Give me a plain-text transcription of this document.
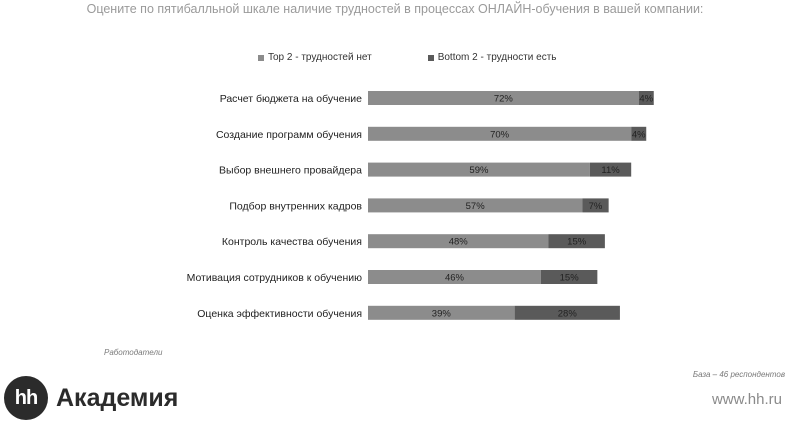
Оцените по пятибалльной шкале наличие трудностей в процессах ОНЛАЙН-обучения в вашей компании:
Top 2 - трудностей нет	Bottom 2 - трудности есть
Расчет бюджета на обучение	72%	4%
Создание программ обучения	70%	4%
Выбор внешнего провайдера	59%	11%
Подбор внутренних кадров	57%	7%
Контроль качества обучения	48%	15%
Мотивация сотрудников к обучению	46%	15%
Оценка эффективности обучения	39%	28%
Работодатели
База – 46 респондентов
hh Академия	www.hh.ru
